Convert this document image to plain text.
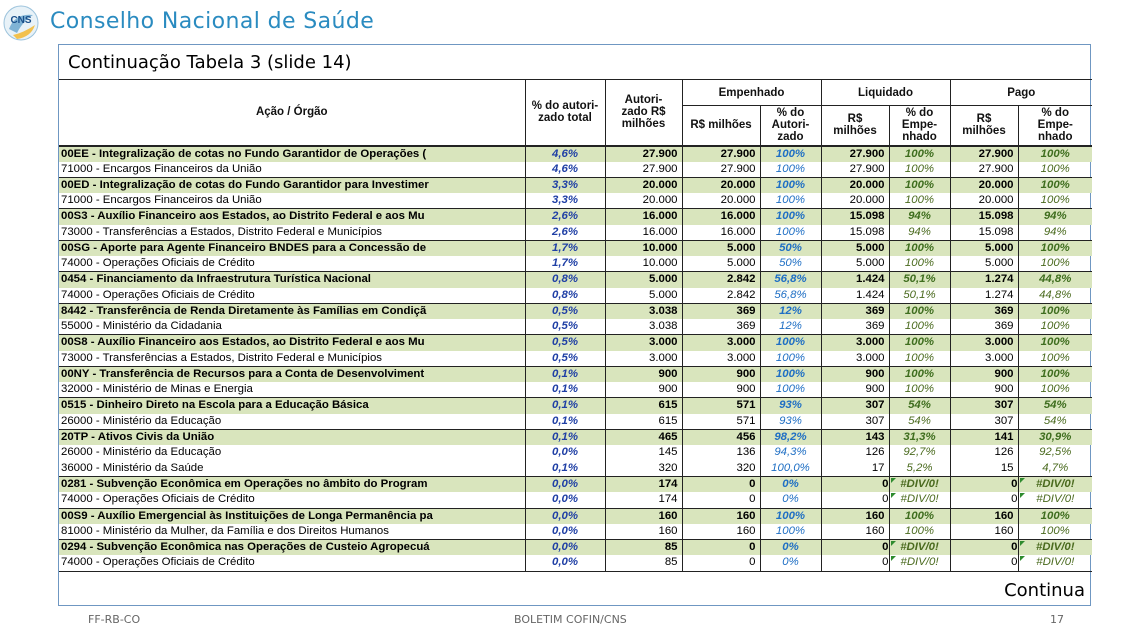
CNS Conselho Nacional de Saúde
Continuação Tabela 3 (slide 14)
Ação / Órgão	% do autori-zado total	Autori-zado R$ milhões	Empenhado		Liquidado		Pago	
			R$ milhões	% do Autori-zado	R$ milhões	% do Empe-nhado	R$ milhões	% do Empe-nhado
00EE - Integralização de cotas no Fundo Garantidor de Operações (	4,6%	27.900	27.900	100%	27.900	100%	27.900	100%
71000 - Encargos Financeiros da União	4,6%	27.900	27.900	100%	27.900	100%	27.900	100%
00ED - Integralização de cotas do Fundo Garantidor para Investimer	3,3%	20.000	20.000	100%	20.000	100%	20.000	100%
71000 - Encargos Financeiros da União	3,3%	20.000	20.000	100%	20.000	100%	20.000	100%
00S3 - Auxílio Financeiro aos Estados, ao Distrito Federal e aos Mu	2,6%	16.000	16.000	100%	15.098	94%	15.098	94%
73000 - Transferências a Estados, Distrito Federal e Municípios	2,6%	16.000	16.000	100%	15.098	94%	15.098	94%
00SG - Aporte para Agente Financeiro BNDES para a Concessão de	1,7%	10.000	5.000	50%	5.000	100%	5.000	100%
74000 - Operações Oficiais de Crédito	1,7%	10.000	5.000	50%	5.000	100%	5.000	100%
0454 - Financiamento da Infraestrutura Turística Nacional	0,8%	5.000	2.842	56,8%	1.424	50,1%	1.274	44,8%
74000 - Operações Oficiais de Crédito	0,8%	5.000	2.842	56,8%	1.424	50,1%	1.274	44,8%
8442 - Transferência de Renda Diretamente às Famílias em Condiçã	0,5%	3.038	369	12%	369	100%	369	100%
55000 - Ministério da Cidadania	0,5%	3.038	369	12%	369	100%	369	100%
00S8 - Auxílio Financeiro aos Estados, ao Distrito Federal e aos Mu	0,5%	3.000	3.000	100%	3.000	100%	3.000	100%
73000 - Transferências a Estados, Distrito Federal e Municípios	0,5%	3.000	3.000	100%	3.000	100%	3.000	100%
00NY - Transferência de Recursos para a Conta de Desenvolviment	0,1%	900	900	100%	900	100%	900	100%
32000 - Ministério de Minas e Energia	0,1%	900	900	100%	900	100%	900	100%
0515 - Dinheiro Direto na Escola para a Educação Básica	0,1%	615	571	93%	307	54%	307	54%
26000 - Ministério da Educação	0,1%	615	571	93%	307	54%	307	54%
20TP - Ativos Civis da União	0,1%	465	456	98,2%	143	31,3%	141	30,9%
26000 - Ministério da Educação	0,0%	145	136	94,3%	126	92,7%	126	92,5%
36000 - Ministério da Saúde	0,1%	320	320	100,0%	17	5,2%	15	4,7%
0281 - Subvenção Econômica em Operações no âmbito do Program	0,0%	174	0	0%	0	#DIV/0!	0	#DIV/0!
74000 - Operações Oficiais de Crédito	0,0%	174	0	0%	0	#DIV/0!	0	#DIV/0!
00S9 - Auxílio Emergencial às Instituições de Longa Permanência pa	0,0%	160	160	100%	160	100%	160	100%
81000 - Ministério da Mulher, da Família e dos Direitos Humanos	0,0%	160	160	100%	160	100%	160	100%
0294 - Subvenção Econômica nas Operações de Custeio Agropecuá	0,0%	85	0	0%	0	#DIV/0!	0	#DIV/0!
74000 - Operações Oficiais de Crédito	0,0%	85	0	0%	0	#DIV/0!	0	#DIV/0!
Continua
FF-RB-CO	BOLETIM COFIN/CNS	17
